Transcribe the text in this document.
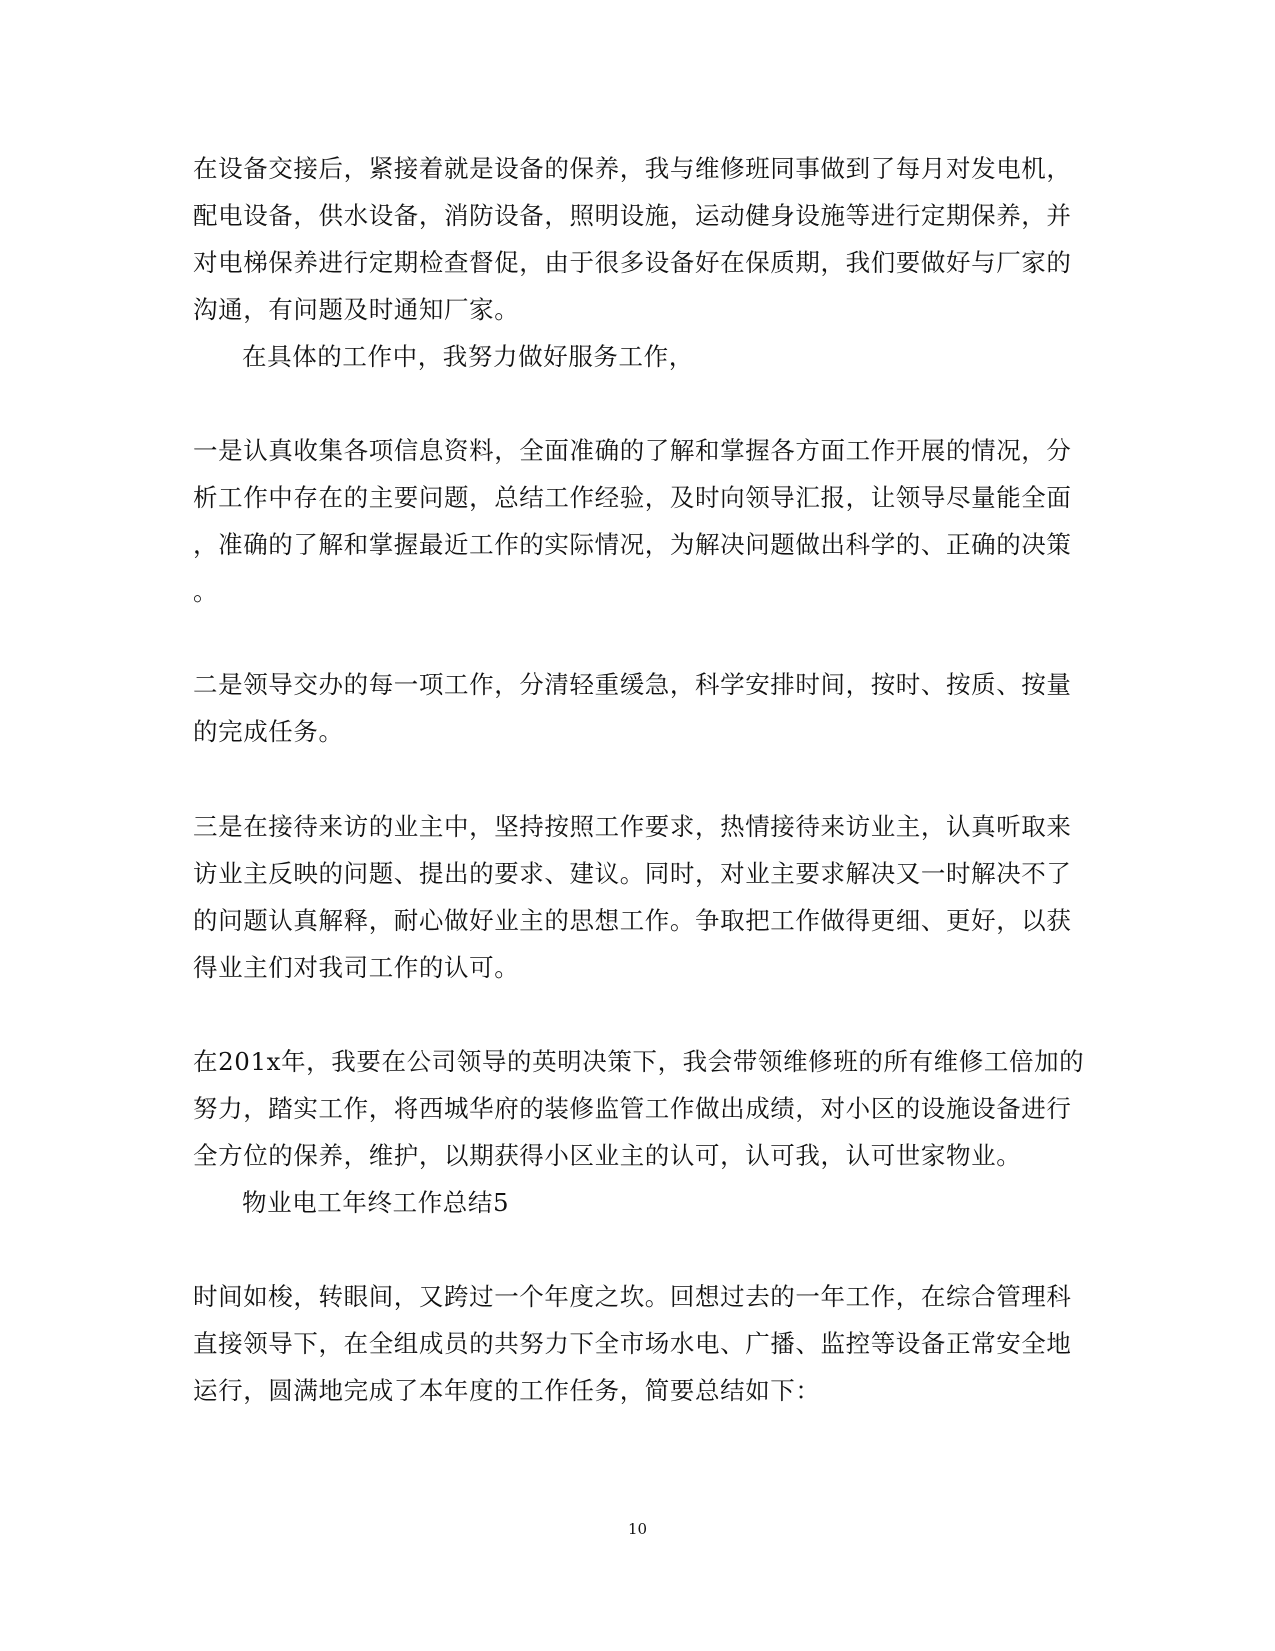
在设备交接后，紧接着就是设备的保养，我与维修班同事做到了每月对发电机，
配电设备，供水设备，消防设备，照明设施，运动健身设施等进行定期保养，并
对电梯保养进行定期检查督促，由于很多设备好在保质期，我们要做好与厂家的
沟通，有问题及时通知厂家。
在具体的工作中，我努力做好服务工作，
一是认真收集各项信息资料，全面准确的了解和掌握各方面工作开展的情况，分
析工作中存在的主要问题，总结工作经验，及时向领导汇报，让领导尽量能全面
，准确的了解和掌握最近工作的实际情况，为解决问题做出科学的、正确的决策
。
二是领导交办的每一项工作，分清轻重缓急，科学安排时间，按时、按质、按量
的完成任务。
三是在接待来访的业主中，坚持按照工作要求，热情接待来访业主，认真听取来
访业主反映的问题、提出的要求、建议。同时，对业主要求解决又一时解决不了
的问题认真解释，耐心做好业主的思想工作。争取把工作做得更细、更好，以获
得业主们对我司工作的认可。
在201x年，我要在公司领导的英明决策下，我会带领维修班的所有维修工倍加的
努力，踏实工作，将西城华府的装修监管工作做出成绩，对小区的设施设备进行
全方位的保养，维护，以期获得小区业主的认可，认可我，认可世家物业。
物业电工年终工作总结5
时间如梭，转眼间，又跨过一个年度之坎。回想过去的一年工作，在综合管理科
直接领导下，在全组成员的共努力下全市场水电、广播、监控等设备正常安全地
运行，圆满地完成了本年度的工作任务，简要总结如下：
10
